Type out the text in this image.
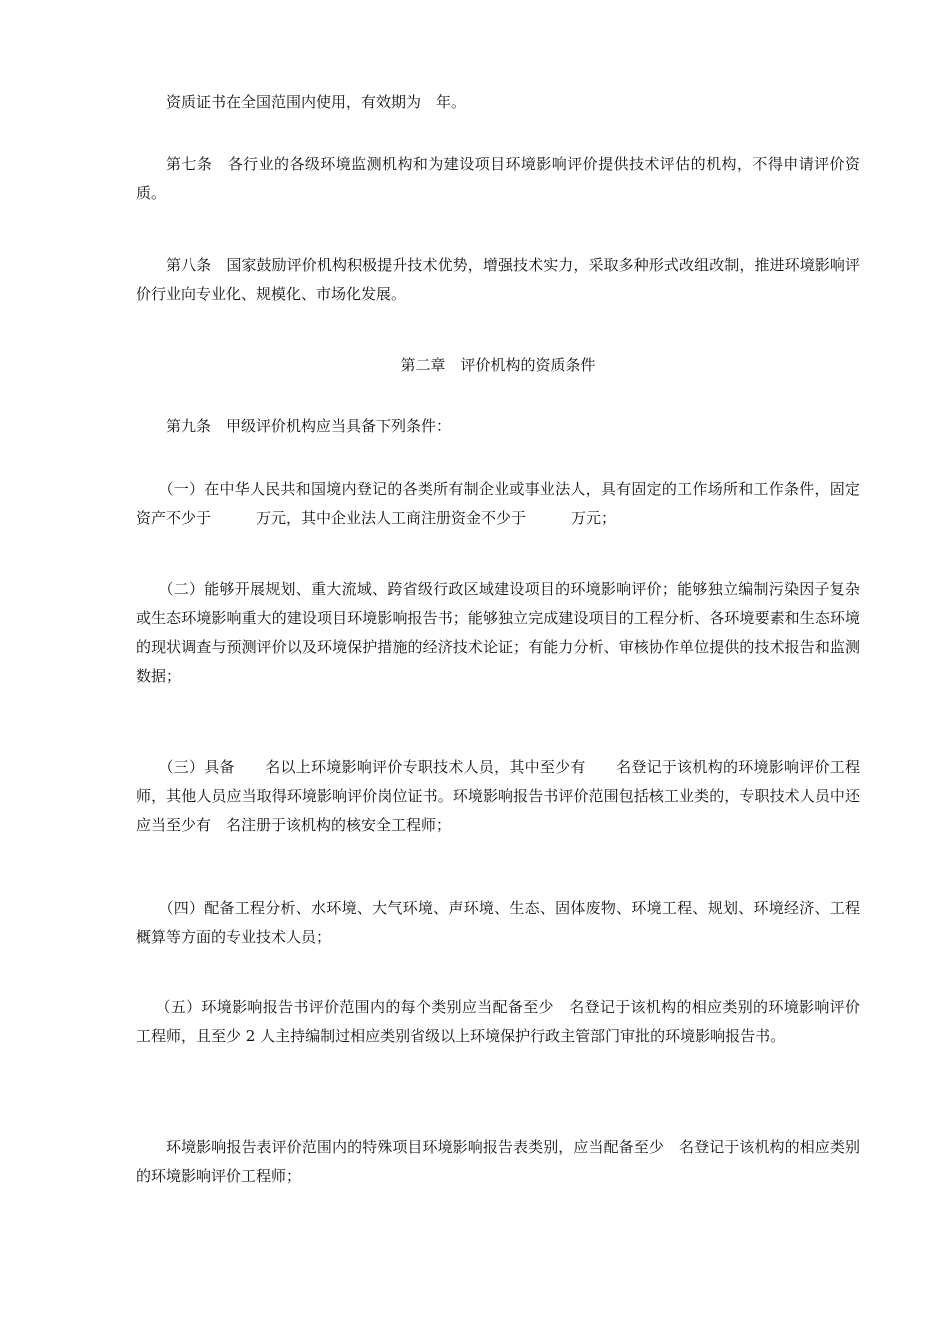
资质证书在全国范围内使用，有效期为　年。

第七条　各行业的各级环境监测机构和为建设项目环境影响评价提供技术评估的机构，不得申请评价资质。

第八条　国家鼓励评价机构积极提升技术优势，增强技术实力，采取多种形式改组改制，推进环境影响评价行业向专业化、规模化、市场化发展。

第二章　评价机构的资质条件

第九条　甲级评价机构应当具备下列条件：

（一）在中华人民共和国境内登记的各类所有制企业或事业法人，具有固定的工作场所和工作条件，固定资产不少于　　　万元，其中企业法人工商注册资金不少于　　　万元；

（二）能够开展规划、重大流域、跨省级行政区域建设项目的环境影响评价；能够独立编制污染因子复杂或生态环境影响重大的建设项目环境影响报告书；能够独立完成建设项目的工程分析、各环境要素和生态环境的现状调查与预测评价以及环境保护措施的经济技术论证；有能力分析、审核协作单位提供的技术报告和监测数据；

（三）具备　　名以上环境影响评价专职技术人员，其中至少有　　名登记于该机构的环境影响评价工程师，其他人员应当取得环境影响评价岗位证书。环境影响报告书评价范围包括核工业类的，专职技术人员中还应当至少有　名注册于该机构的核安全工程师；

（四）配备工程分析、水环境、大气环境、声环境、生态、固体废物、环境工程、规划、环境经济、工程概算等方面的专业技术人员；

（五）环境影响报告书评价范围内的每个类别应当配备至少　名登记于该机构的相应类别的环境影响评价工程师，且至少 2 人主持编制过相应类别省级以上环境保护行政主管部门审批的环境影响报告书。

环境影响报告表评价范围内的特殊项目环境影响报告表类别，应当配备至少　名登记于该机构的相应类别的环境影响评价工程师；
